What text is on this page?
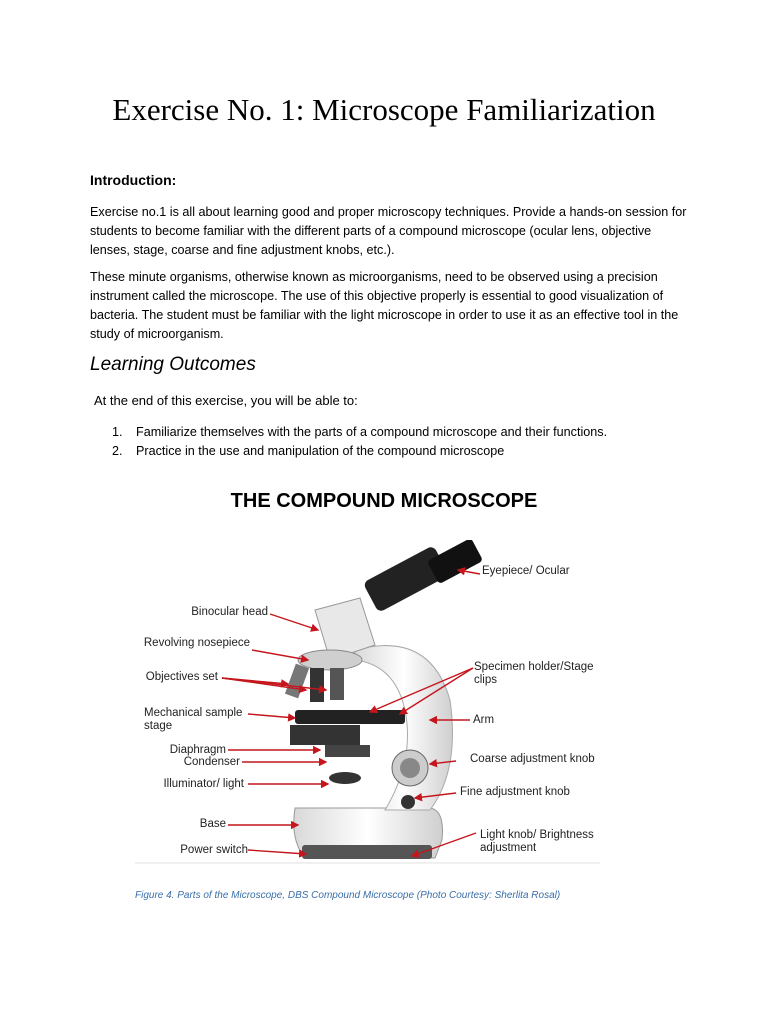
Exercise No. 1: Microscope Familiarization
Introduction:

Exercise no.1 is all about learning good and proper microscopy techniques. Provide a hands-on session for students to become familiar with the different parts of a compound microscope (ocular lens, objective lenses, stage, coarse and fine adjustment knobs, etc.).

These minute organisms, otherwise known as microorganisms, need to be observed using a precision instrument called the microscope. The use of this objective properly is essential to good visualization of bacteria. The student must be familiar with the light microscope in order to use it as an effective tool in the study of microorganism.

Learning Outcomes

At the end of this exercise, you will be able to:

1.	Familiarize themselves with the parts of a compound microscope and their functions.
2.	Practice in the use and manipulation of the compound microscope
THE COMPOUND MICROSCOPE
Eyepiece/ Ocular
Binocular head
Revolving nosepiece
Objectives set
Specimen holder/Stage clips
Mechanical sample stage	Arm
Diaphragm
Condenser	Coarse adjustment knob
Illuminator/ light
Fine adjustment knob
Base
Light knob/ Brightness adjustment
Power switch

Figure 4. Parts of the Microscope, DBS Compound Microscope (Photo Courtesy: Sherlita Rosal)
